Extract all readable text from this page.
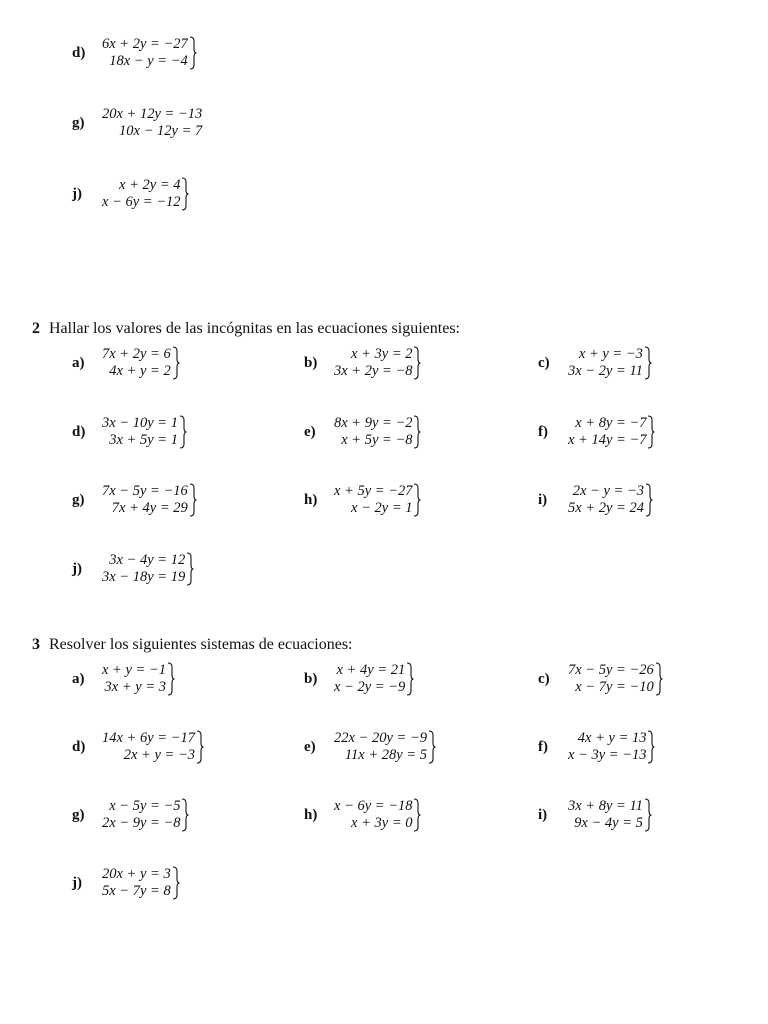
d)
6x + 2y = −27
18x − y = −4
g)
20x + 12y = −13
10x − 12y = 7
j)
x + 2y = 4
x − 6y = −12
2 Hallar los valores de las incógnitas en las ecuaciones siguientes:
a)
7x + 2y = 6
4x + y = 2
b)
x + 3y = 2
3x + 2y = −8
c)
x + y = −3
3x − 2y = 11
d)
3x − 10y = 1
3x + 5y = 1
e)
8x + 9y = −2
x + 5y = −8
f)
x + 8y = −7
x + 14y = −7
g)
7x − 5y = −16
7x + 4y = 29
h)
x + 5y = −27
x − 2y = 1
i)
2x − y = −3
5x + 2y = 24
j)
3x − 4y = 12
3x − 18y = 19
3 Resolver los siguientes sistemas de ecuaciones:
a)
x + y = −1
3x + y = 3
b)
x + 4y = 21
x − 2y = −9
c)
7x − 5y = −26
x − 7y = −10
d)
14x + 6y = −17
2x + y = −3
e)
22x − 20y = −9
11x + 28y = 5
f)
4x + y = 13
x − 3y = −13
g)
x − 5y = −5
2x − 9y = −8
h)
x − 6y = −18
x + 3y = 0
i)
3x + 8y = 11
9x − 4y = 5
j)
20x + y = 3
5x − 7y = 8
